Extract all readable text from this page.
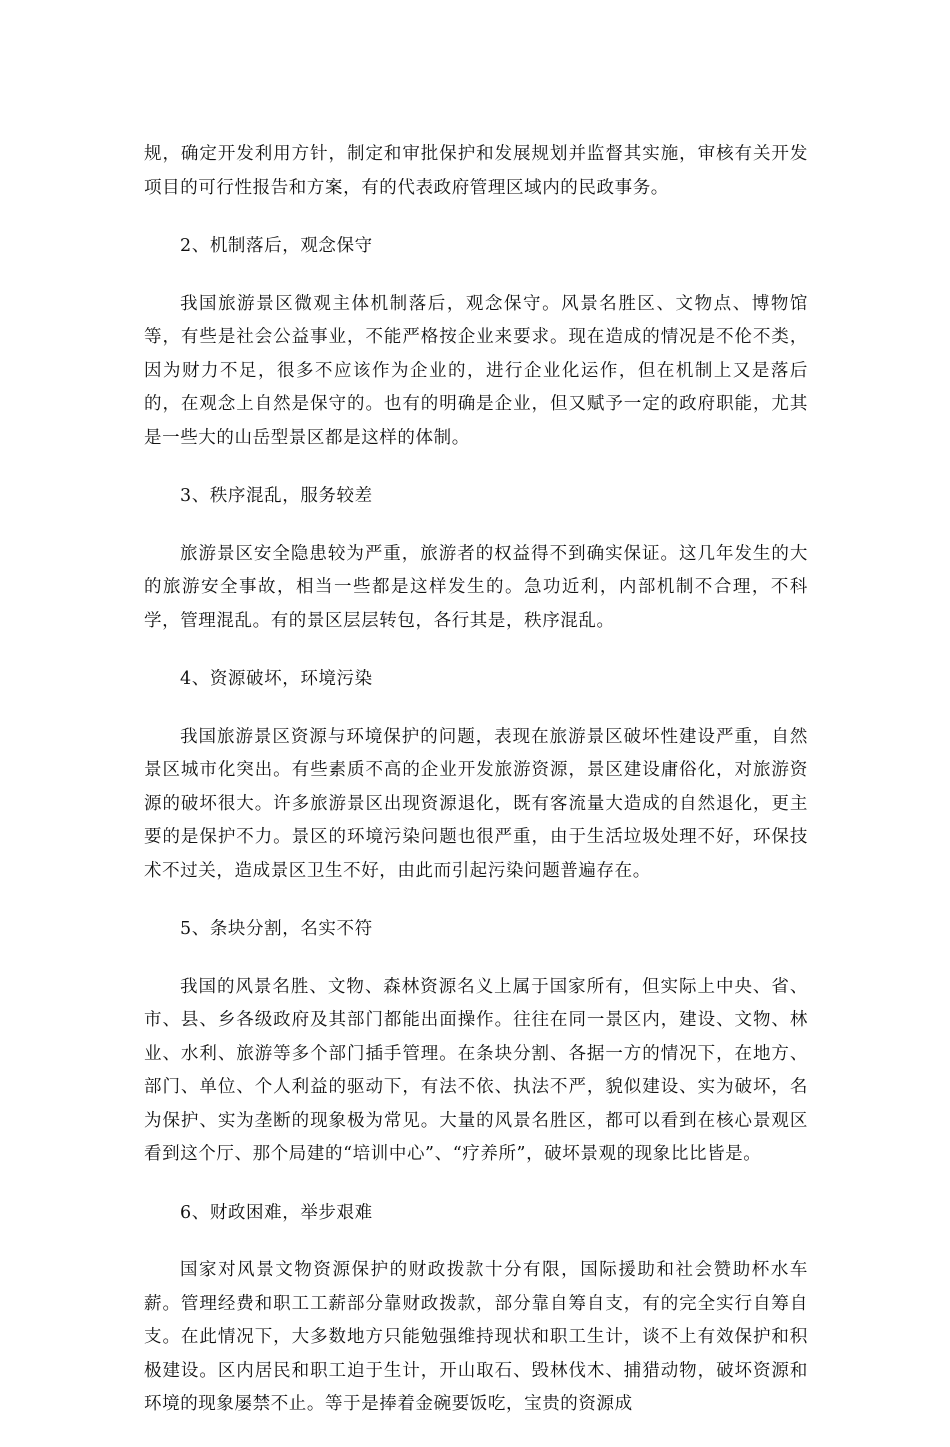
规，确定开发利用方针，制定和审批保护和发展规划并监督其实施，审核有关开发项目的可行性报告和方案，有的代表政府管理区域内的民政事务。

2、机制落后，观念保守

我国旅游景区微观主体机制落后，观念保守。风景名胜区、文物点、博物馆等，有些是社会公益事业，不能严格按企业来要求。现在造成的情况是不伦不类，因为财力不足，很多不应该作为企业的，进行企业化运作，但在机制上又是落后的，在观念上自然是保守的。也有的明确是企业，但又赋予一定的政府职能，尤其是一些大的山岳型景区都是这样的体制。

3、秩序混乱，服务较差

旅游景区安全隐患较为严重，旅游者的权益得不到确实保证。这几年发生的大的旅游安全事故，相当一些都是这样发生的。急功近利，内部机制不合理，不科学，管理混乱。有的景区层层转包，各行其是，秩序混乱。

4、资源破坏，环境污染

我国旅游景区资源与环境保护的问题，表现在旅游景区破坏性建设严重，自然景区城市化突出。有些素质不高的企业开发旅游资源，景区建设庸俗化，对旅游资源的破坏很大。许多旅游景区出现资源退化，既有客流量大造成的自然退化，更主要的是保护不力。景区的环境污染问题也很严重，由于生活垃圾处理不好，环保技术不过关，造成景区卫生不好，由此而引起污染问题普遍存在。

5、条块分割，名实不符

我国的风景名胜、文物、森林资源名义上属于国家所有，但实际上中央、省、市、县、乡各级政府及其部门都能出面操作。往往在同一景区内，建设、文物、林业、水利、旅游等多个部门插手管理。在条块分割、各据一方的情况下，在地方、部门、单位、个人利益的驱动下，有法不依、执法不严，貌似建设、实为破坏，名为保护、实为垄断的现象极为常见。大量的风景名胜区，都可以看到在核心景观区看到这个厅、那个局建的“培训中心”、“疗养所”，破坏景观的现象比比皆是。

6、财政困难，举步艰难

国家对风景文物资源保护的财政拨款十分有限，国际援助和社会赞助杯水车薪。管理经费和职工工薪部分靠财政拨款，部分靠自筹自支，有的完全实行自筹自支。在此情况下，大多数地方只能勉强维持现状和职工生计，谈不上有效保护和积极建设。区内居民和职工迫于生计，开山取石、毁林伐木、捕猎动物，破坏资源和环境的现象屡禁不止。等于是捧着金碗要饭吃，宝贵的资源成
